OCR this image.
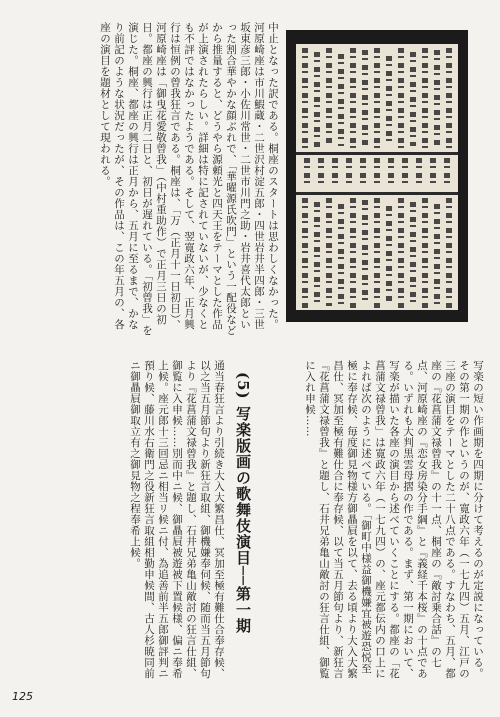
中止となった訳である。桐座のスタートは思わしくなかった。河原崎座は市川鰕蔵・二世沢村淀五郎・四世岩井半四郎・三世坂東彦三郎・小佐川常世・二世市川門之助・岩井喜代太郎といった割合華やかな顔ぶれで、「華曜源氏吹門」という一配役などから推量すると、どうやら源頼光と四天王をテーマとした作品が上演されたらしい。詳細は特に記されていないが、少なくとも不評ではなかったようである。そして、翌寛政六年、正月興行は恒例の曾我狂言である。桐座は、「万（正月十一日初日）、河原崎座は「御曳花愛敬曾我」（中村重助作）で正月三日の初日。都座の興行は正月二日と、初日が遅れている。「初曾我」を演じた。桐座、都座の興行は正月から、五月に至るまで、かなり前記のような状況だったが、その作品は、この年五月の、各座の演目を題材として現われる。
写楽の短い作画期を四期に分けて考えるのが定説になっている。その第一期の作というのが、寛政六年（一七九四）五月、江戸の三座の演目をテーマとした二十八点である。すなわち、五月、都座の『花菖蒲文禄曾我』の十一点、桐座の『敵討乗合話』の七点、河原崎座の『恋女房染分手綱』と『義経千本桜』の十点である。いずれも大判黒雲母摺の作である。まず、第一期において、写楽が描いた各座の演目から述べていくことにする。都座の「花菖蒲文禄曾我」は寛政六年（一七九四）の、座元都伝内の口上によれば次のように述べている。「御町中様益御機嫌宜被遊恐悦至極に奉存候、毎度御見物様方御贔屓を以て、去る頃より大入大繁昌仕、冥加至極有難仕合に奉存候、以て当五月節句より、新狂言『花菖蒲文禄曾我』と題し、石井兄弟亀山敵討の狂言仕組、御覧に入れ申候……
(5) 写楽版画の歌舞伎演目──第一期
通当春狂言より引続き大入大繁昌仕、冥加至極有難仕合奉存候、以之当五月節句より新狂言取組、御機嫌奉伺候、随而当五月節句より『花菖蒲文禄曾我』と題し、石井兄弟亀山敵討の狂言仕組、御覧に入申候……別而中ニ候、御贔屓被遊被下置候様、偏ニ奉希上候。座元郎十三回忌ニ相当リ候ニ付、為追善前半五郎御評判ニ預り候、藤川水右衛門之役新狂言取組相勤申候間、古人杉暁同前ニ御贔屓御取立有之御見物之程奉希上候。
125
